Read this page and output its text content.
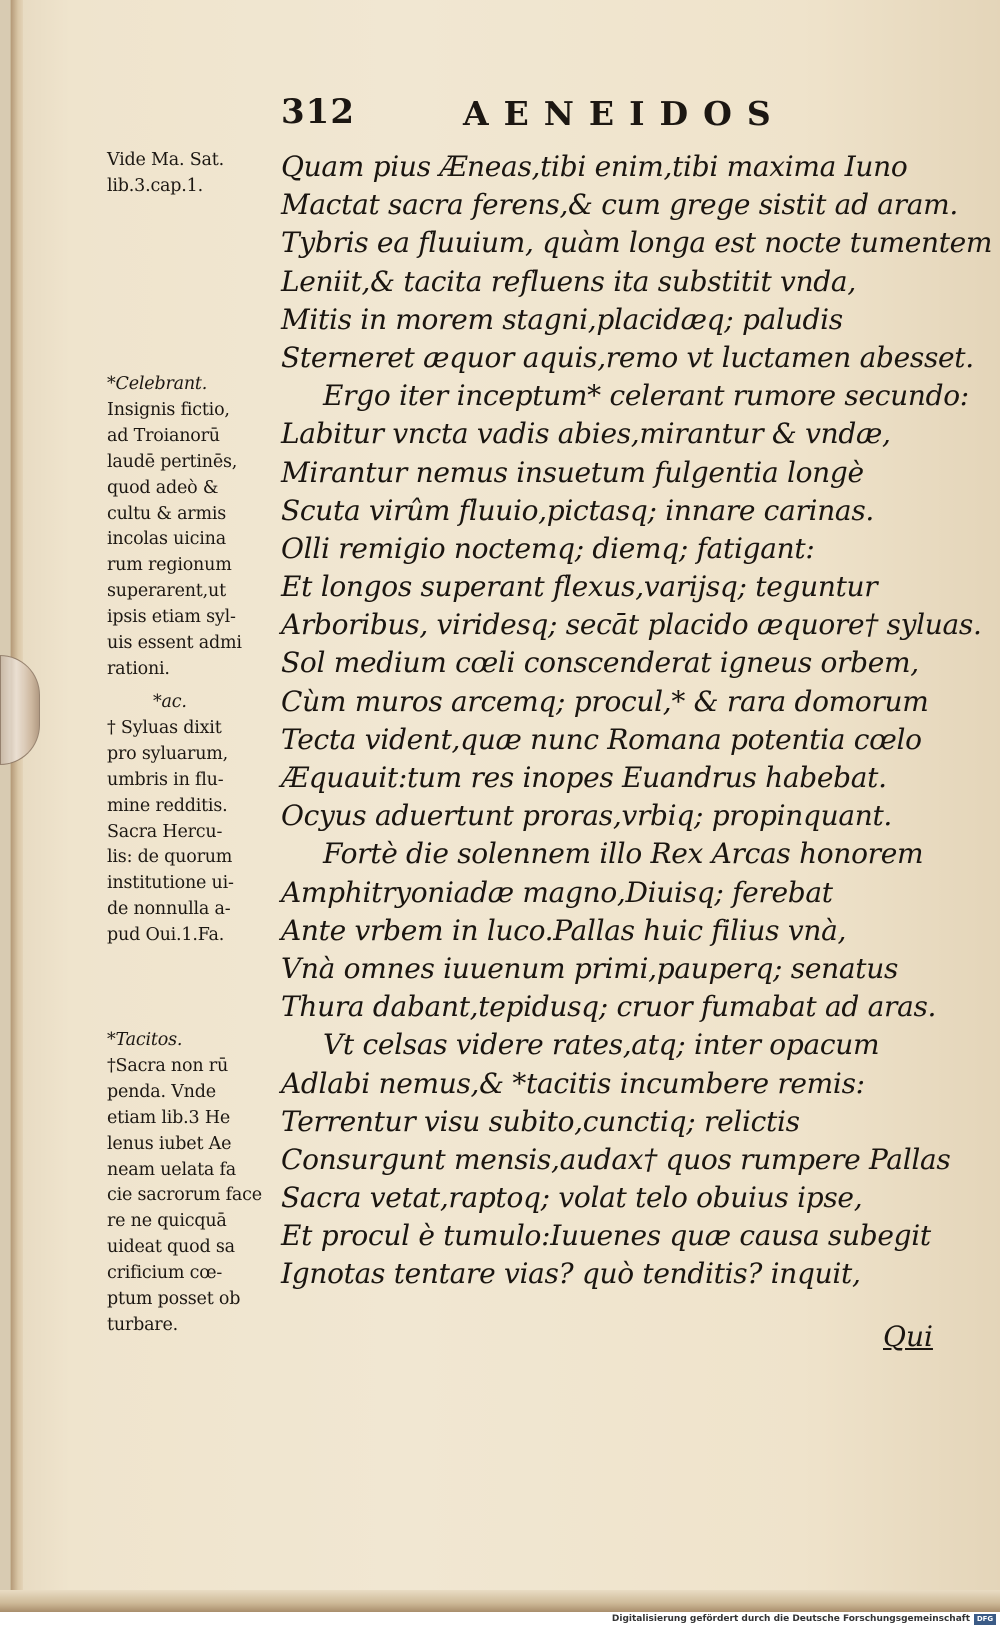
312	AENEIDOS
Vide Ma. Sat.
lib.3.cap.1.
*Celebrant.
Insignis fictio,
ad Troianorū
laudē pertinēs,
quod adeò &
cultu & armis
incolas uicina
rum regionum
superarent,ut
ipsis etiam syl-
uis essent admi
rationi.
*ac.
† Syluas dixit
pro syluarum,
umbris in flu-
mine redditis.
Sacra Hercu-
lis: de quorum
institutione ui-
de nonnulla a-
pud Oui.1.Fa.
*Tacitos.
†Sacra non rū
penda. Vnde
etiam lib.3 He
lenus iubet Ae
neam uelata fa
cie sacrorum face
re ne quicquā
uideat quod sa
crificium cœ-
ptum posset ob
turbare.
Quam pius Æneas,tibi enim,tibi maxima Iuno
Mactat sacra ferens,& cum grege sistit ad aram.
Tybris ea fluuium, quàm longa est nocte tumentem
Leniit,& tacita refluens ita substitit vnda,
Mitis in morem stagni,placidæq; paludis
Sterneret æquor aquis,remo vt luctamen abesset.
Ergo iter inceptum* celerant rumore secundo:
Labitur vncta vadis abies,mirantur & vndæ,
Mirantur nemus insuetum fulgentia longè
Scuta virûm fluuio,pictasq; innare carinas.
Olli remigio noctemq; diemq; fatigant:
Et longos superant flexus,varijsq; teguntur
Arboribus, viridesq; secāt placido æquore† syluas.
Sol medium cœli conscenderat igneus orbem,
Cùm muros arcemq; procul,* & rara domorum
Tecta vident,quæ nunc Romana potentia cœlo
Æquauit:tum res inopes Euandrus habebat.
Ocyus aduertunt proras,vrbiq; propinquant.
Fortè die solennem illo Rex Arcas honorem
Amphitryoniadæ magno,Diuisq; ferebat
Ante vrbem in luco.Pallas huic filius vnà,
Vnà omnes iuuenum primi,pauperq; senatus
Thura dabant,tepidusq; cruor fumabat ad aras.
Vt celsas videre rates,atq; inter opacum
Adlabi nemus,& *tacitis incumbere remis:
Terrentur visu subito,cunctiq; relictis
Consurgunt mensis,audax† quos rumpere Pallas
Sacra vetat,raptoq; volat telo obuius ipse,
Et procul è tumulo:Iuuenes quæ causa subegit
Ignotas tentare vias? quò tenditis? inquit,
Qui
Digitalisierung gefördert durch die Deutsche Forschungsgemeinschaft DFG
